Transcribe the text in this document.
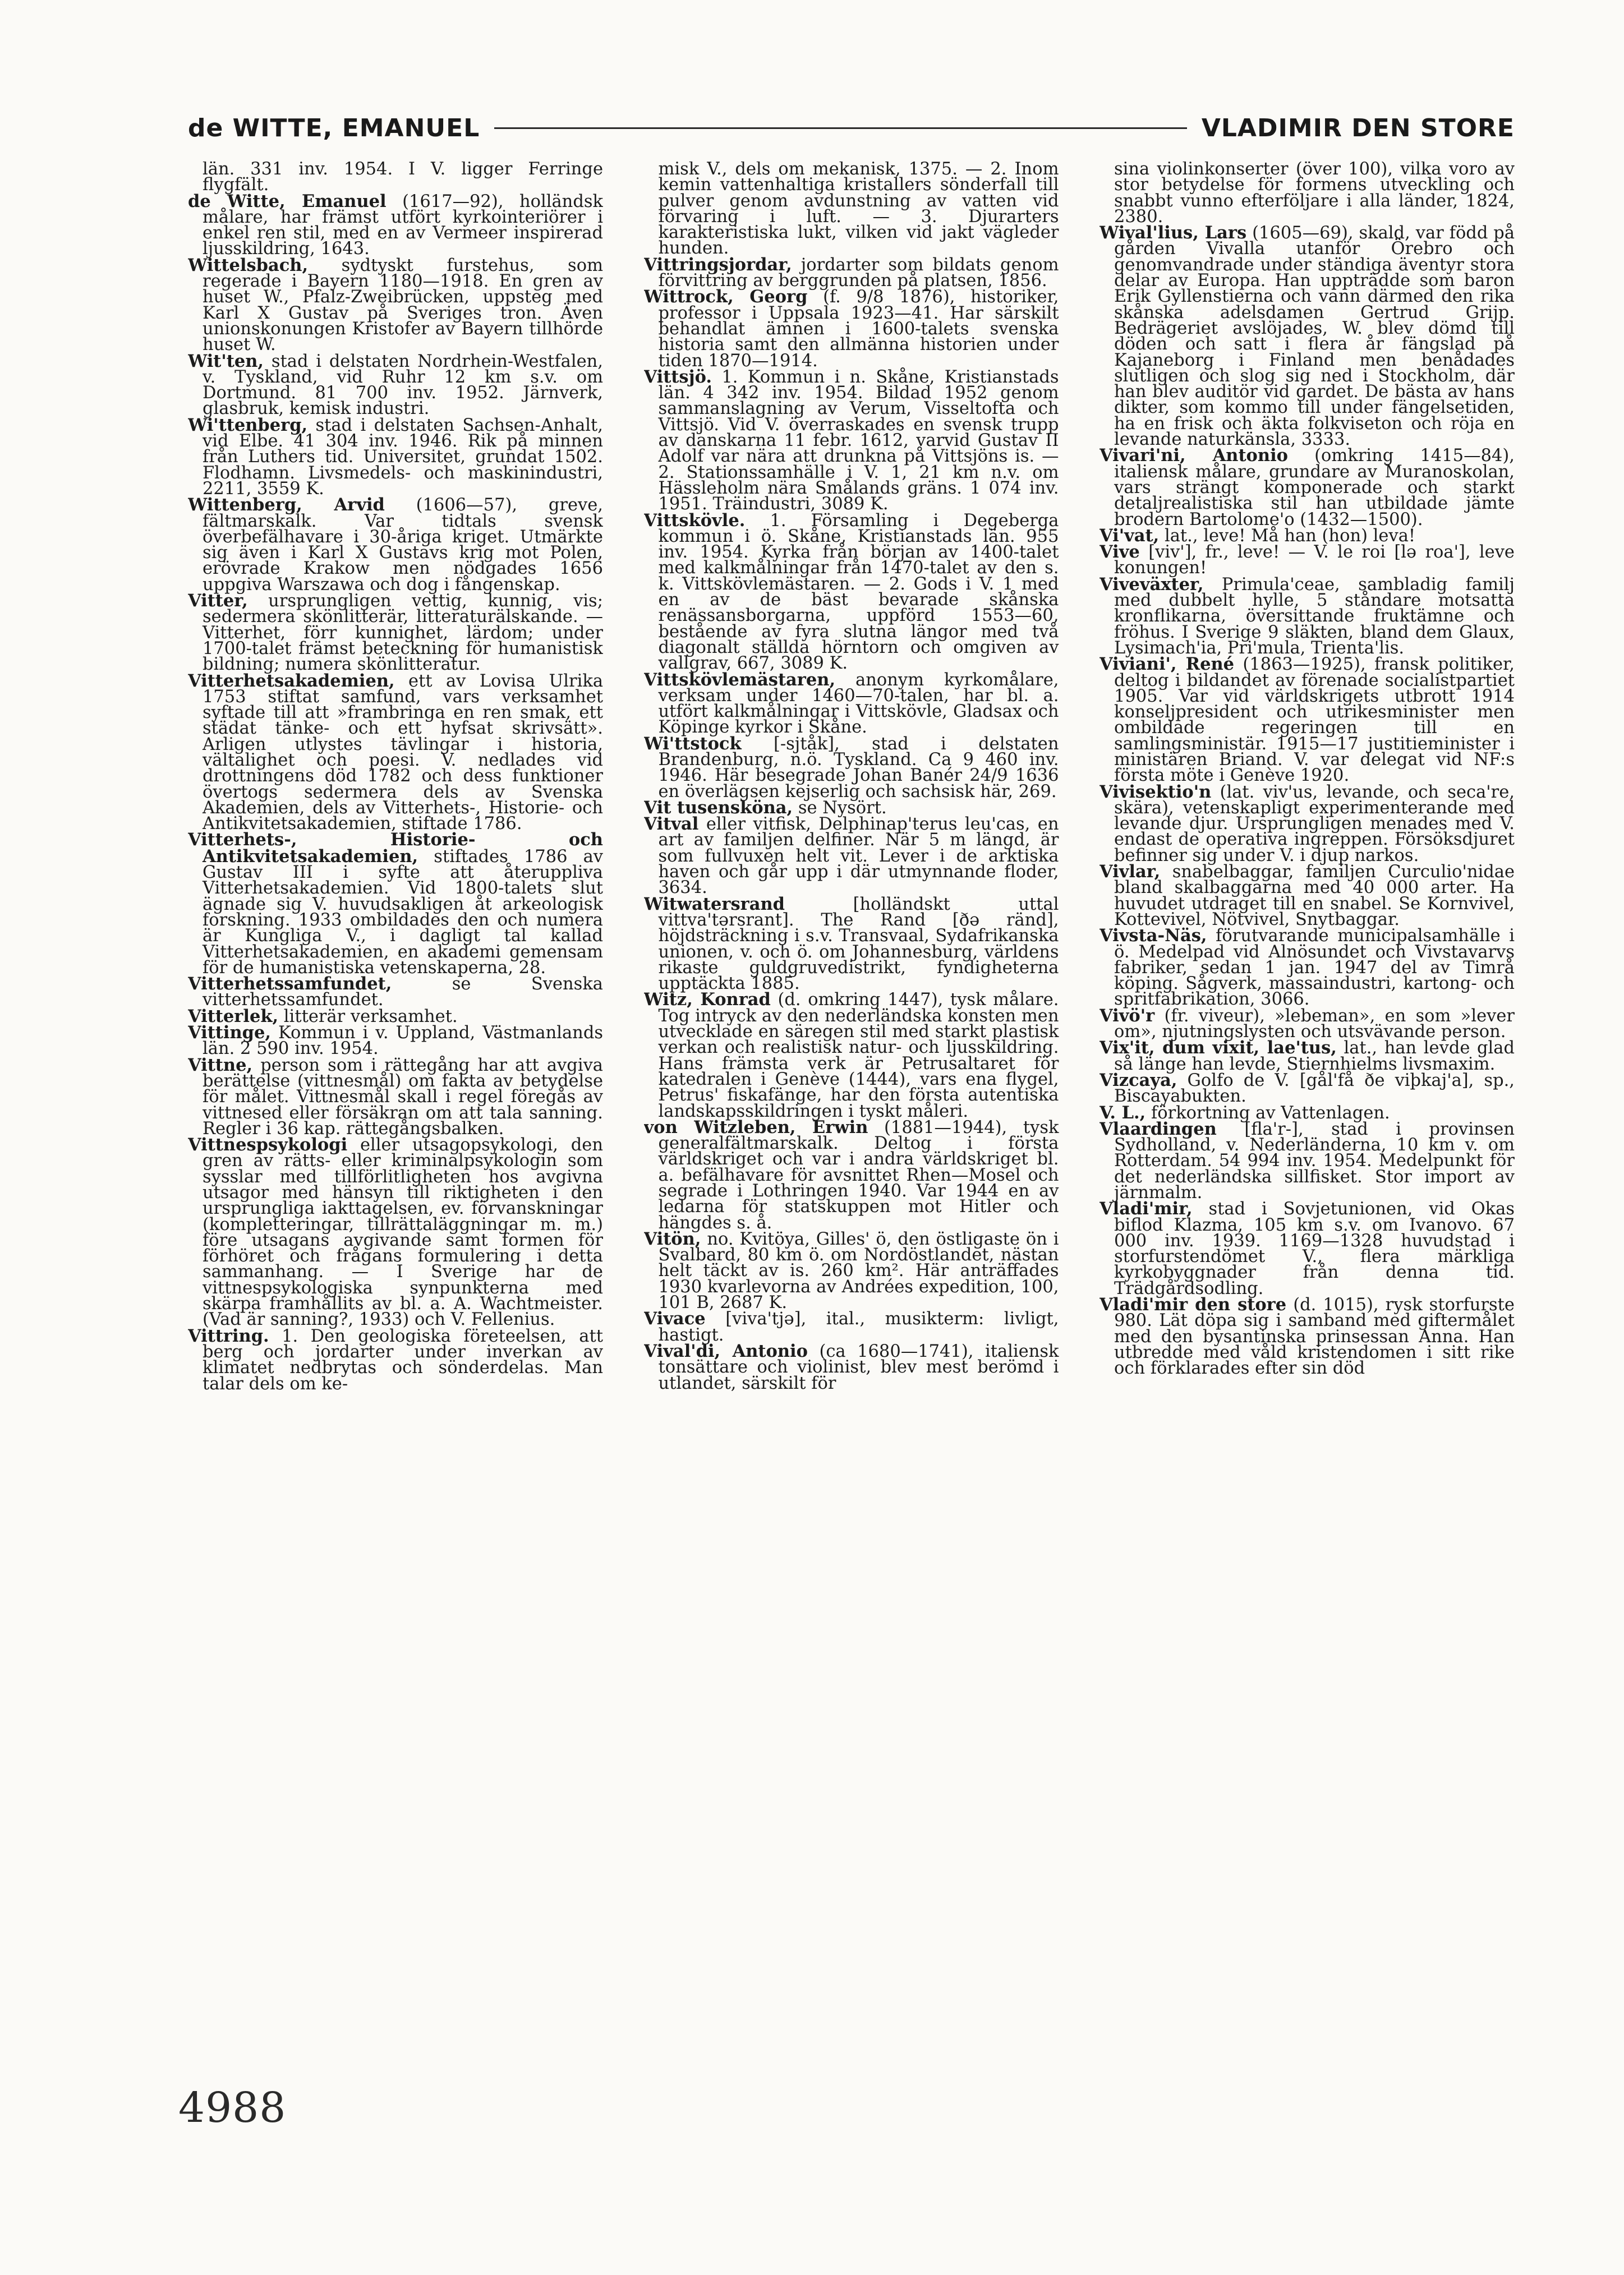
de WITTE, EMANUEL	VLADIMIR DEN STORE

län. 331 inv. 1954. I V. ligger Ferringe flygfält.

de Witte, Emanuel (1617—92), holländsk målare, har främst utfört kyrkointeriörer i enkel ren stil, med en av Vermeer inspirerad ljusskildring, 1643.

Wittelsbach, sydtyskt furstehus, som regerade i Bayern 1180—1918. En gren av huset W., Pfalz-Zweibrücken, uppsteg med Karl X Gustav på Sveriges tron. Även unionskonungen Kristofer av Bayern tillhörde huset W.

Wit'ten, stad i delstaten Nordrhein-Westfalen, v. Tyskland, vid Ruhr 12 km s.v. om Dortmund. 81 700 inv. 1952. Järnverk, glasbruk, kemisk industri.

Wi'ttenberg, stad i delstaten Sachsen-Anhalt, vid Elbe. 41 304 inv. 1946. Rik på minnen från Luthers tid. Universitet, grundat 1502. Flodhamn. Livsmedels- och maskinindustri, 2211, 3559 K.

Wittenberg, Arvid (1606—57), greve, fältmarskalk. Var tidtals svensk överbefälhavare i 30-åriga kriget. Utmärkte sig även i Karl X Gustavs krig mot Polen, erövrade Krakow men nödgades 1656 uppgiva Warszawa och dog i fångenskap.

Vitter, ursprungligen vettig, kunnig, vis; sedermera skönlitterär, litteraturälskande. — Vitterhet, förr kunnighet, lärdom; under 1700-talet främst beteckning för humanistisk bildning; numera skönlitteratur.

Vitterhetsakademien, ett av Lovisa Ulrika 1753 stiftat samfund, vars verksamhet syftade till att »frambringa en ren smak, ett städat tänke- och ett hyfsat skrivsätt». Arligen utlystes tävlingar i historia, vältalighet och poesi. V. nedlades vid drottningens död 1782 och dess funktioner övertogs sedermera dels av Svenska Akademien, dels av Vitterhets-, Historie- och Antikvitetsakademien, stiftade 1786.

Vitterhets-, Historie- och Antikvitetsakademien, stiftades 1786 av Gustav III i syfte att återuppliva Vitterhetsakademien. Vid 1800-talets slut ägnade sig V. huvudsakligen åt arkeologisk forskning. 1933 ombildades den och numera är Kungliga V., i dagligt tal kallad Vitterhetsakademien, en akademi gemensam för de humanistiska vetenskaperna, 28.

Vitterhetssamfundet, se Svenska vitterhetssamfundet.

Vitterlek, litterär verksamhet.

Vittinge, Kommun i v. Uppland, Västmanlands län. 2 590 inv. 1954.

Vittne, person som i rättegång har att avgiva berättelse (vittnesmål) om fakta av betydelse för målet. Vittnesmål skall i regel föregås av vittnesed eller försäkran om att tala sanning. Regler i 36 kap. rättegångsbalken.

Vittnespsykologi eller utsagopsykologi, den gren av rätts- eller kriminalpsykologin som sysslar med tillförlitligheten hos avgivna utsagor med hänsyn till riktigheten i den ursprungliga iakttagelsen, ev. förvanskningar (kompletteringar, tillrättaläggningar m. m.) före utsagans avgivande samt formen för förhöret och frågans formulering i detta sammanhang. — I Sverige har de vittnespsykologiska synpunkterna med skärpa framhållits av bl. a. A. Wachtmeister. (Vad är sanning?, 1933) och V. Fellenius.

Vittring. 1. Den geologiska företeelsen, att berg och jordarter under inverkan av klimatet nedbrytas och sönderdelas. Man talar dels om ke-

misk V., dels om mekanisk, 1375. — 2. Inom kemin vattenhaltiga kristallers sönderfall till pulver genom avdunstning av vatten vid förvaring i luft. — 3. Djurarters karakteristiska lukt, vilken vid jakt vägleder hunden.

Vittringsjordar, jordarter som bildats genom förvittring av berggrunden på platsen, 1856.

Wittrock, Georg (f. 9/8 1876), historiker, professor i Uppsala 1923—41. Har särskilt behandlat ämnen i 1600-talets svenska historia samt den allmänna historien under tiden 1870—1914.

Vittsjö. 1. Kommun i n. Skåne, Kristianstads län. 4 342 inv. 1954. Bildad 1952 genom sammanslagning av Verum, Visseltofta och Vittsjö. Vid V. överraskades en svensk trupp av danskarna 11 febr. 1612, varvid Gustav II Adolf var nära att drunkna på Vittsjöns is. — 2. Stationssamhälle i V. 1, 21 km n.v. om Hässleholm nära Smålands gräns. 1 074 inv. 1951. Träindustri, 3089 K.

Vittskövle. 1. Församling i Degeberga kommun i ö. Skåne, Kristianstads län. 955 inv. 1954. Kyrka från början av 1400-talet med kalkmålningar från 1470-talet av den s. k. Vittskövlemästaren. — 2. Gods i V. 1 med en av de bäst bevarade skånska renässansborgarna, uppförd 1553—60, bestående av fyra slutna längor med två diagonalt ställda hörntorn och omgiven av vallgrav, 667, 3089 K.

Vittskövlemästaren, anonym kyrkomålare, verksam under 1460—70-talen, har bl. a. utfört kalkmålningar i Vittskövle, Gladsax och Köpinge kyrkor i Skåne.

Wi'ttstock [-sjtåk], stad i delstaten Brandenburg, n.ö. Tyskland. Ca 9 460 inv. 1946. Här besegrade Johan Banér 24/9 1636 en överlägsen kejserlig och sachsisk här, 269.

Vit tusensköna, se Nysört.

Vitval eller vitfisk, Delphinap'terus leu'cas, en art av familjen delfiner. När 5 m längd, är som fullvuxen helt vit. Lever i de arktiska haven och går upp i där utmynnande floder, 3634.

Witwatersrand [holländskt uttal vittva'tərsrant]. The Rand [ðə ränd], höjdsträckning i s.v. Transvaal, Sydafrikanska unionen, v. och ö. om Johannesburg, världens rikaste guldgruvedistrikt, fyndigheterna upptäckta 1885.

Witz, Konrad (d. omkring 1447), tysk målare. Tog intryck av den nederländska konsten men utvecklade en säregen stil med starkt plastisk verkan och realistisk natur- och ljusskildring. Hans främsta verk är Petrusaltaret för katedralen i Genève (1444), vars ena flygel, Petrus' fiskafänge, har den första autentiska landskapsskildringen i tyskt måleri.

von Witzleben, Erwin (1881—1944), tysk generalfältmarskalk. Deltog i första världskriget och var i andra världskriget bl. a. befälhavare för avsnittet Rhen—Mosel och segrade i Lothringen 1940. Var 1944 en av ledarna för statskuppen mot Hitler och hängdes s. å.

Vitön, no. Kvitöya, Gilles' ö, den östligaste ön i Svalbard, 80 km ö. om Nordöstlandet, nästan helt täckt av is. 260 km². Här anträffades 1930 kvarlevorna av Andrées expedition, 100, 101 B, 2687 K.

Vivace [viva'tjə], ital., musikterm: livligt, hastigt.

Vival'di, Antonio (ca 1680—1741), italiensk tonsättare och violinist, blev mest berömd i utlandet, särskilt för

sina violinkonserter (över 100), vilka voro av stor betydelse för formens utveckling och snabbt vunno efterföljare i alla länder, 1824, 2380.

Wival'lius, Lars (1605—69), skald, var född på gården Vivalla utanför Örebro och genomvandrade under ständiga äventyr stora delar av Europa. Han uppträdde som baron Erik Gyllenstierna och vann därmed den rika skånska adelsdamen Gertrud Grijp. Bedrägeriet avslöjades, W. blev dömd till döden och satt i flera år fängslad på Kajaneborg i Finland men benådades slutligen och slog sig ned i Stockholm, där han blev auditör vid gardet. De bästa av hans dikter, som kommo till under fängelsetiden, ha en frisk och äkta folkviseton och röja en levande naturkänsla, 3333.

Vivari'ni, Antonio (omkring 1415—84), italiensk målare, grundare av Muranoskolan, vars strängt komponerade och starkt detaljrealistiska stil han utbildade jämte brodern Bartolome'o (1432—1500).

Vi'vat, lat., leve! Må han (hon) leva!

Vive [viv'], fr., leve! — V. le roi [lə roa'], leve konungen!

Viveväxter, Primula'ceae, sambladig familj med dubbelt hylle, 5 ståndare motsatta kronflikarna, översittande fruktämne och fröhus. I Sverige 9 släkten, bland dem Glaux, Lysimach'ia, Pri'mula, Trienta'lis.

Viviani', René (1863—1925), fransk politiker, deltog i bildandet av förenade socialistpartiet 1905. Var vid världskrigets utbrott 1914 konseljpresident och utrikesminister men ombildade regeringen till en samlingsministär. 1915—17 justitieminister i ministären Briand. V. var delegat vid NF:s första möte i Genève 1920.

Vivisektio'n (lat. viv'us, levande, och seca're, skära), vetenskapligt experimenterande med levande djur. Ursprungligen menades med V. endast de operativa ingreppen. Försöksdjuret befinner sig under V. i djup narkos.

Vivlar, snabelbaggar, familjen Curculio'nidae bland skalbaggarna med 40 000 arter. Ha huvudet utdraget till en snabel. Se Kornvivel, Kottevivel, Nötvivel, Snytbaggar.

Vivsta-Näs, förutvarande municipalsamhälle i ö. Medelpad vid Alnösundet och Vivstavarvs fabriker, sedan 1 jan. 1947 del av Timrå köping. Sågverk, massaindustri, kartong- och spritfabrikation, 3066.

Vivö'r (fr. viveur), »lebeman», en som »lever om», njutningslysten och utsvävande person.

Vix'it, dum vixit, lae'tus, lat., han levde glad så länge han levde, Stiernhielms livsmaxim.

Vizcaya, Golfo de V. [gål'få ðe viþkaj'a], sp., Biscayabukten.

V. L., förkortning av Vattenlagen.

Vlaardingen [fla'r-], stad i provinsen Sydholland, v. Nederländerna, 10 km v. om Rotterdam. 54 994 inv. 1954. Medelpunkt för det nederländska sillfisket. Stor import av järnmalm.

Vladi'mir, stad i Sovjetunionen, vid Okas biflod Klazma, 105 km s.v. om Ivanovo. 67 000 inv. 1939. 1169—1328 huvudstad i storfurstendömet V., flera märkliga kyrkobyggnader från denna tid. Trädgårdsodling.

Vladi'mir den store (d. 1015), rysk storfurste 980. Lät döpa sig i samband med giftermålet med den bysantinska prinsessan Anna. Han utbredde med våld kristendomen i sitt rike och förklarades efter sin död

4988
